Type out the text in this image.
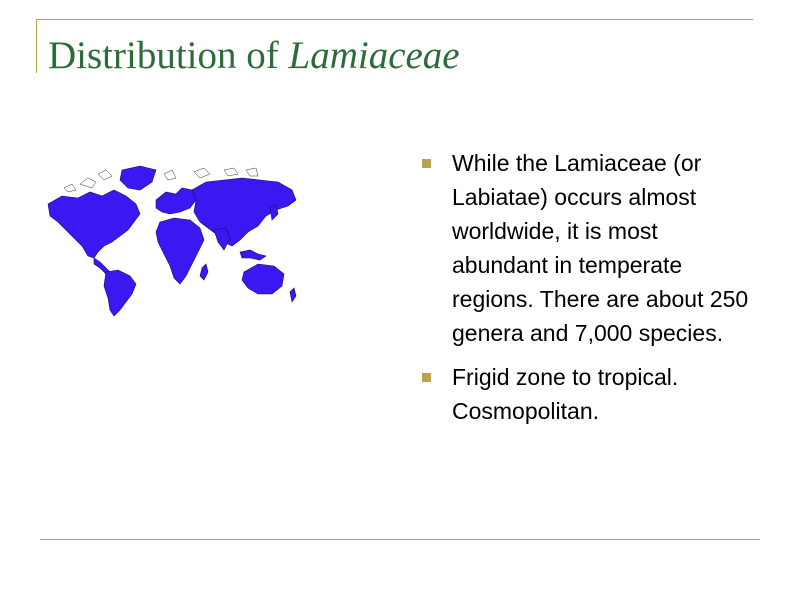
Distribution of Lamiaceae
While the Lamiaceae (or Labiatae) occurs almost worldwide, it is most abundant in temperate regions. There are about 250 genera and 7,000 species.
Frigid zone to tropical. Cosmopolitan.
